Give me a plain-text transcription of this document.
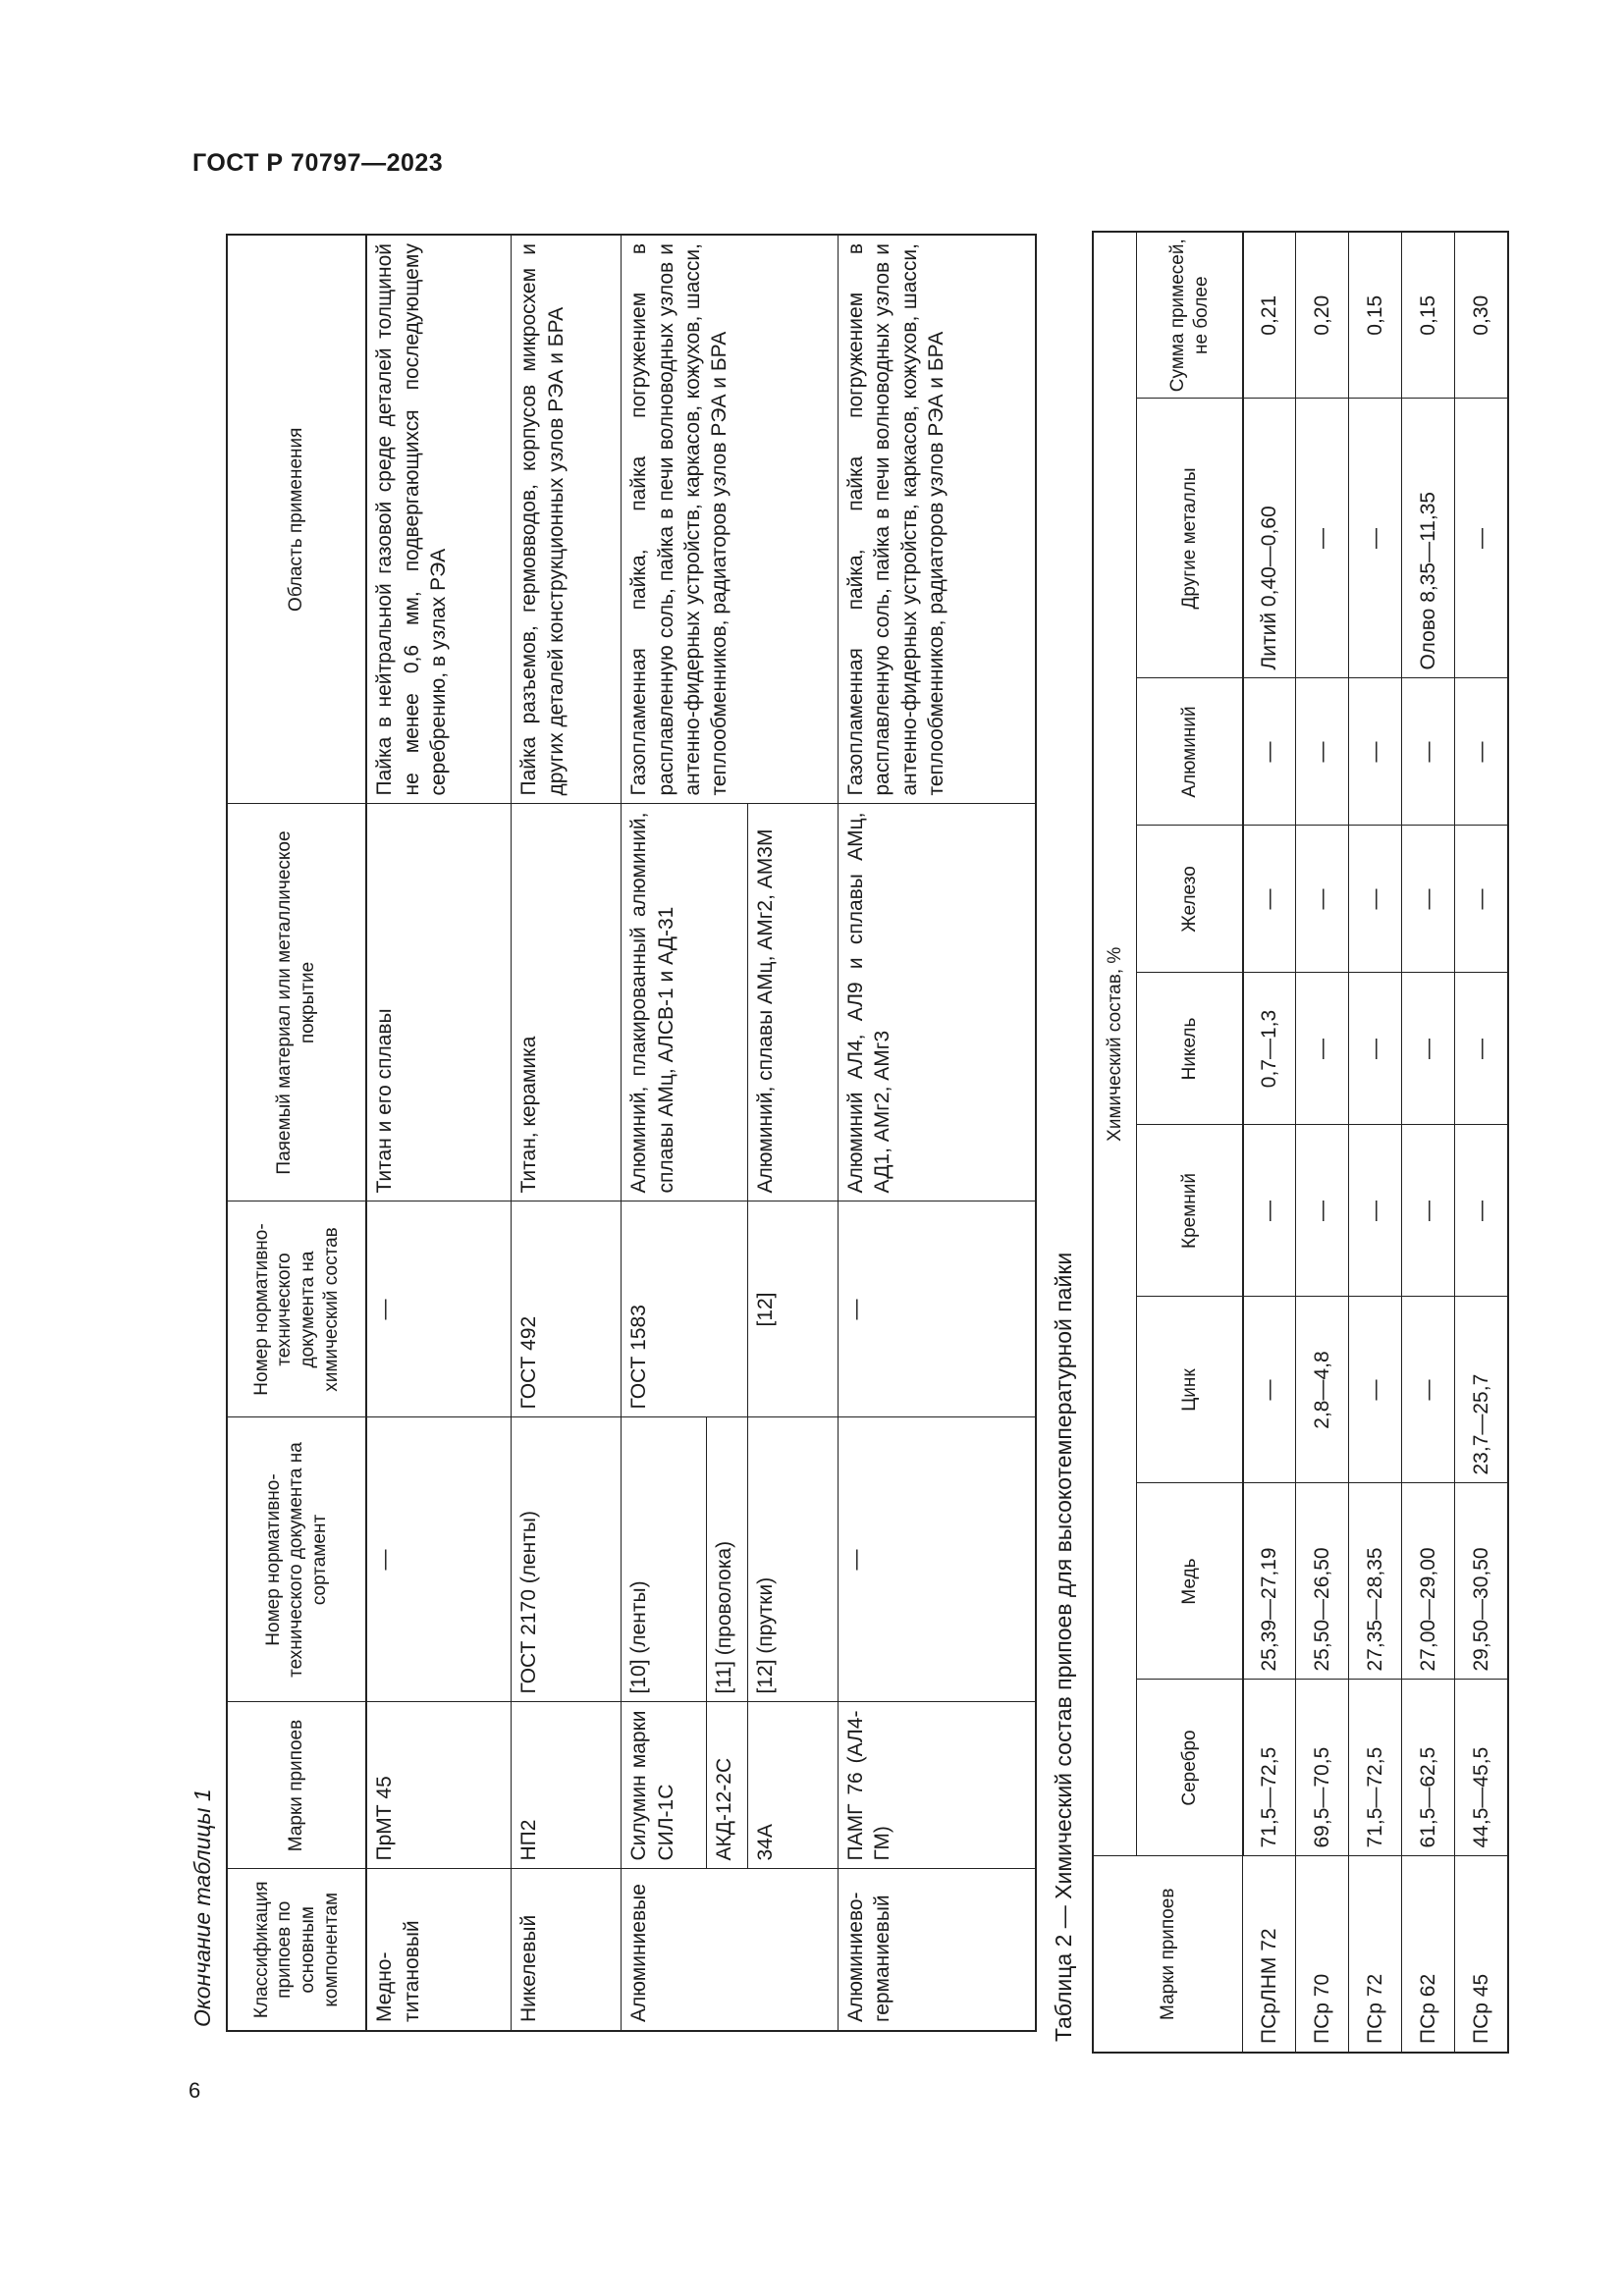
ГОСТ Р 70797—2023
6
Окончание таблицы 1 Классификация припоев по основным компонентам	Марки припоев	Номер нормативно-технического документа на сортамент	Номер нормативно-технического документа на химический состав	Паяемый материал или металлическое покрытие	Область применения
Медно-титановый	ПрМТ 45	—	—	Титан и его сплавы	Пайка в нейтральной газовой среде деталей толщиной не менее 0,6 мм, подвергающихся последующему серебрению, в узлах РЭА
Никелевый	НП2	ГОСТ 2170 (ленты)	ГОСТ 492	Титан, керамика	Пайка разъемов, гермовводов, корпусов микросхем и других деталей конструкционных узлов РЭА и БРА
Алюминиевые	Силумин марки СИЛ-1С	[10] (ленты)	ГОСТ 1583	Алюминий, плакированный алюминий, сплавы АМц, АЛСВ-1 и АД-31	Газопламенная пайка, пайка погружением в расплавленную соль, пайка в печи волноводных узлов и антенно-фидерных устройств, каркасов, кожухов, шасси, теплообменников, радиаторов узлов РЭА и БРА
	АКД-12-2С	[11] (проволока)			
	34А	[12] (прутки)	[12]	Алюминий, сплавы АМц, АМг2, АМ3М	
Алюминиево-германиевый	ПАМГ 76 (АЛ4-ГМ)	—	—	Алюминий АЛ4, АЛ9 и сплавы АМц, АД1, АМг2, АМг3	Газопламенная пайка, пайка погружением в расплавленную соль, пайка в печи волноводных узлов и антенно-фидерных устройств, каркасов, кожухов, шасси, теплообменников, радиаторов узлов РЭА и БРА
Таблица 2 — Химический состав припоев для высокотемпературной пайки	Марки припоев	Химический состав, %								
	Серебро	Медь	Цинк	Кремний	Никель	Железо	Алюминий	Другие металлы	Сумма примесей, не более
ПСрЛНМ 72	71,5—72,5	25,39—27,19	—	—	0,7—1,3	—	—	Литий 0,40—0,60	0,21
ПСр 70	69,5—70,5	25,50—26,50	2,8—4,8	—	—	—	—	—	0,20
ПСр 72	71,5—72,5	27,35—28,35	—	—	—	—	—	—	0,15
ПСр 62	61,5—62,5	27,00—29,00	—	—	—	—	—	Олово 8,35—11,35	0,15
ПСр 45	44,5—45,5	29,50—30,50	23,7—25,7	—	—	—	—	—	0,30
